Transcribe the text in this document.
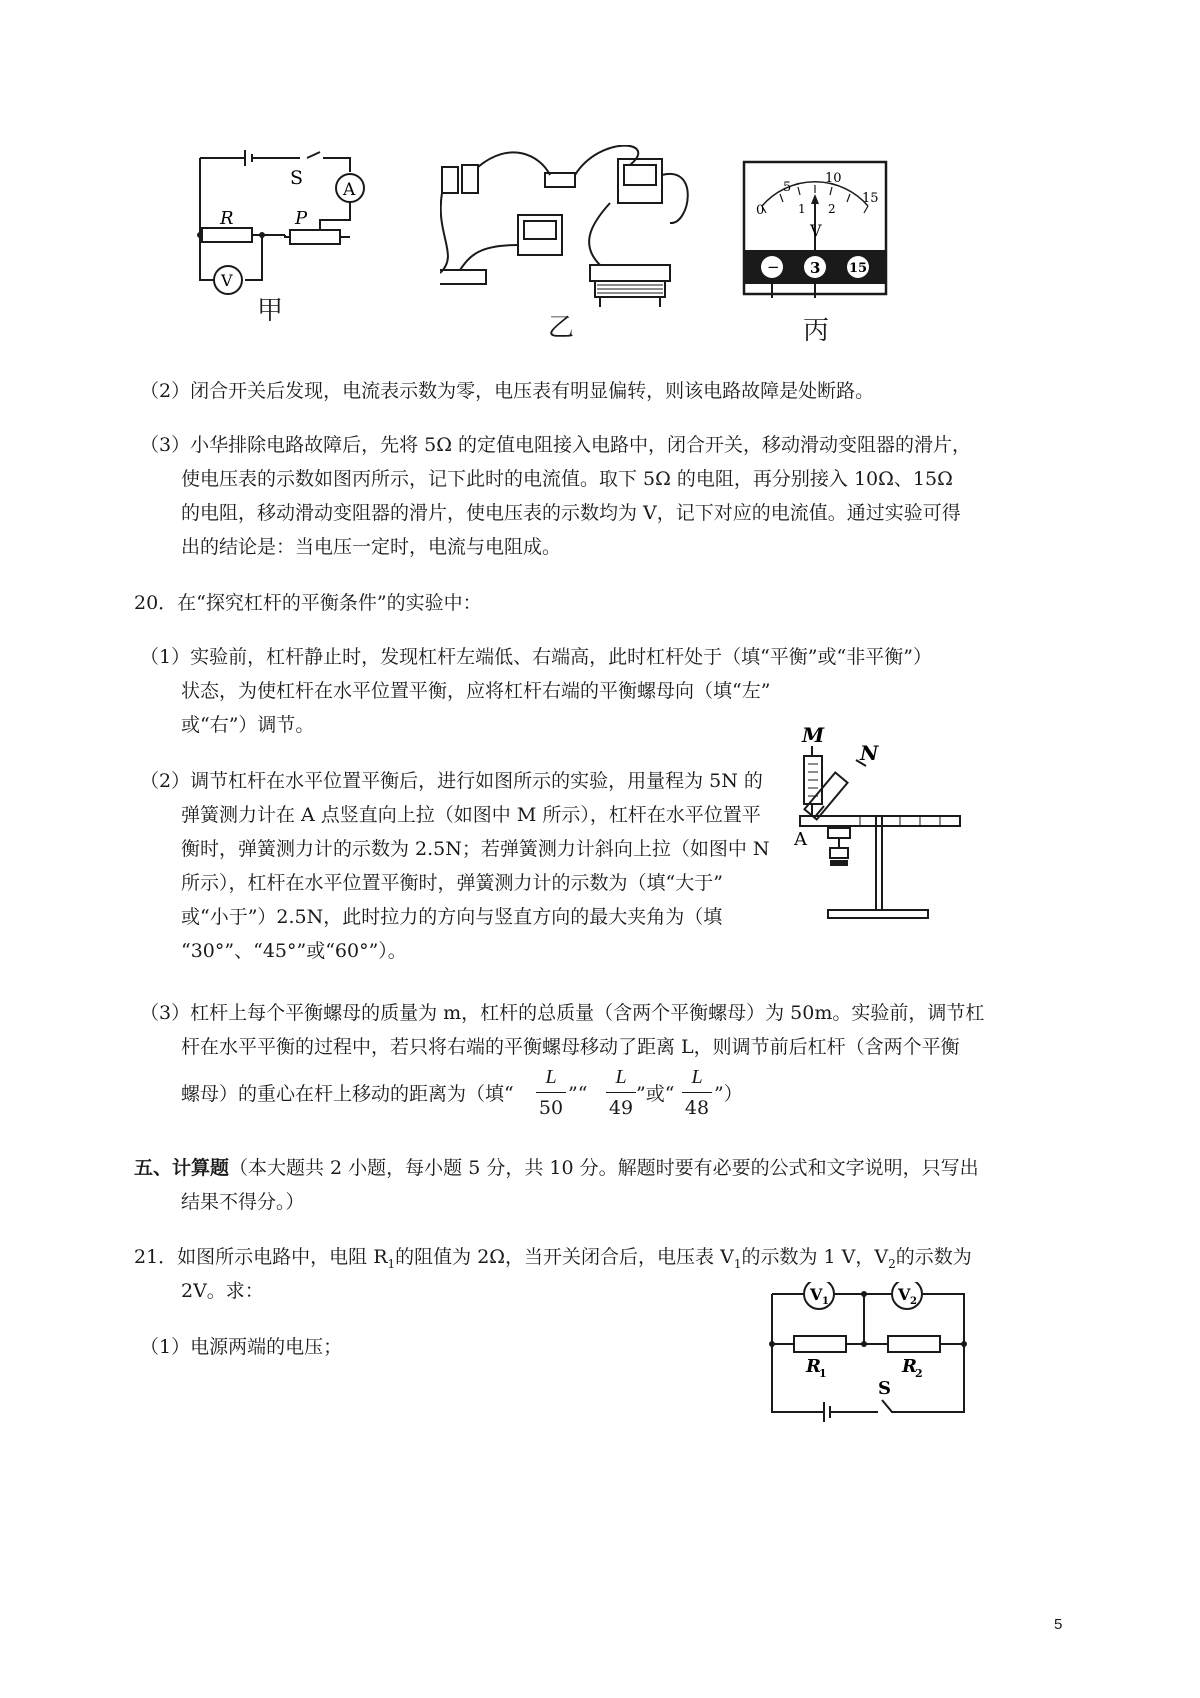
S
A
V
R	P
甲
乙
0
5
10
15
1 2
V
− 3 15
丙
（2）闭合开关后发现，电流表示数为零，电压表有明显偏转，则该电路故障是处断路。
（3）小华排除电路故障后，先将 5Ω 的定值电阻接入电路中，闭合开关，移动滑动变阻器的滑片，
使电压表的示数如图丙所示，记下此时的电流值。取下 5Ω 的电阻，再分别接入 10Ω、15Ω
的电阻，移动滑动变阻器的滑片，使电压表的示数均为 V，记下对应的电流值。通过实验可得
出的结论是：当电压一定时，电流与电阻成。
20．在“探究杠杆的平衡条件”的实验中：
（1）实验前，杠杆静止时，发现杠杆左端低、右端高，此时杠杆处于（填“平衡”或“非平衡”）
状态，为使杠杆在水平位置平衡，应将杠杆右端的平衡螺母向（填“左”
或“右”）调节。
（2）调节杠杆在水平位置平衡后，进行如图所示的实验，用量程为 5N 的
弹簧测力计在 A 点竖直向上拉（如图中 M 所示），杠杆在水平位置平
衡时，弹簧测力计的示数为 2.5N；若弹簧测力计斜向上拉（如图中 N
所示），杠杆在水平位置平衡时，弹簧测力计的示数为（填“大于”
或“小于”）2.5N，此时拉力的方向与竖直方向的最大夹角为（填
“30°”、“45°”或“60°”）。
M
N
A
（3）杠杆上每个平衡螺母的质量为 m，杠杆的总质量（含两个平衡螺母）为 50m。实验前，调节杠
杆在水平平衡的过程中，若只将右端的平衡螺母移动了距离 L，则调节前后杠杆（含两个平衡
螺母）的重心在杆上移动的距离为（填“
L
50
”“
L
49
”或“
L
48
”）
五、计算题（本大题共 2 小题，每小题 5 分，共 10 分。解题时要有必要的公式和文字说明，只写出
结果不得分。）
21．如图所示电路中，电阻 $R_1$的阻值为 2Ω，当开关闭合后，电压表 $V_1$的示数为 1 V，$V_2$的示数为
2V。求：
（1）电源两端的电压；
V 1	V 2
R
1	R
2
S
5
